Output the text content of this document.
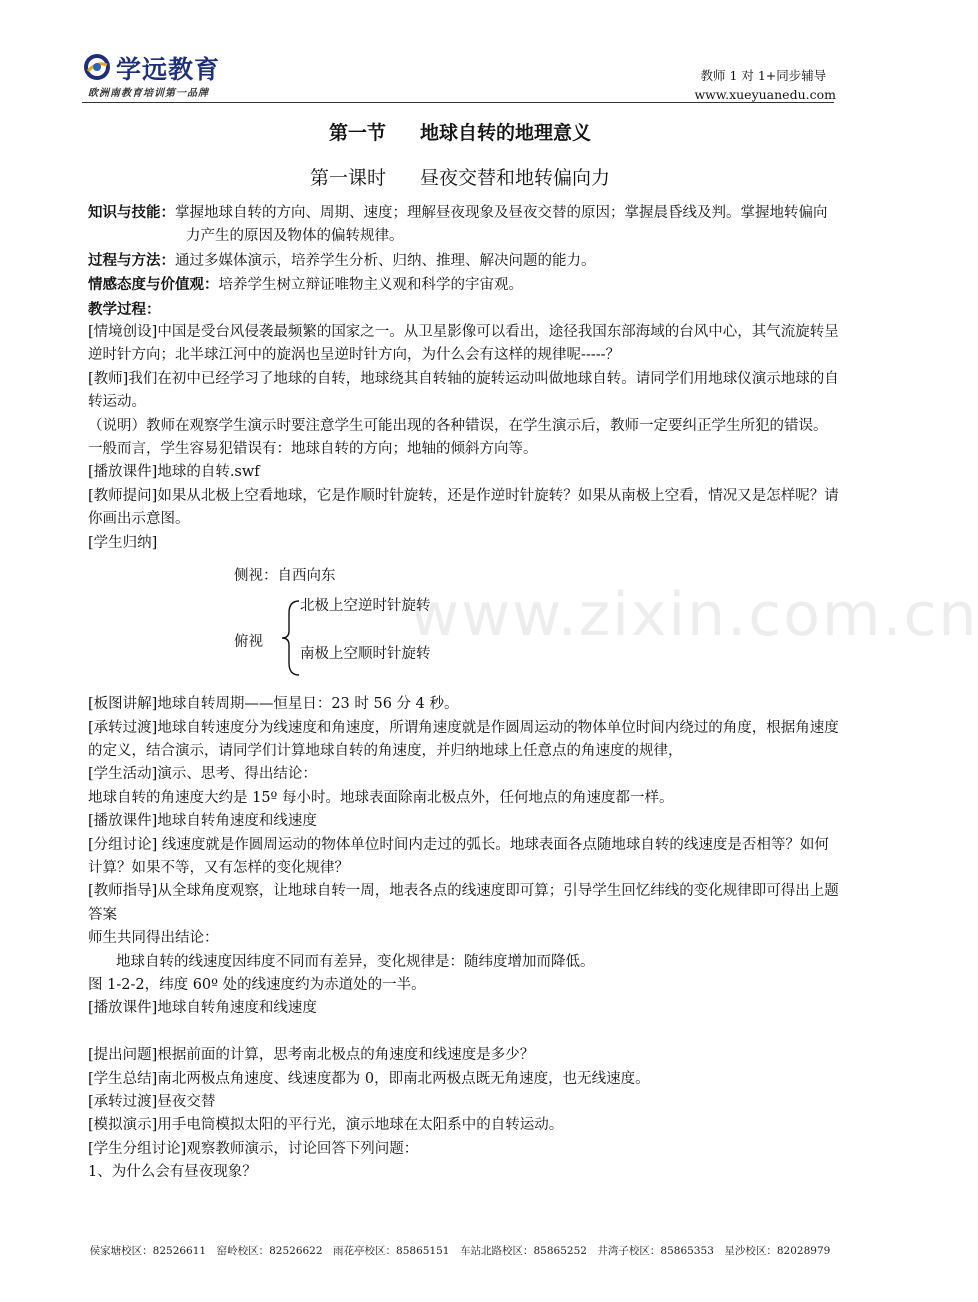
学远教育
欧洲南教育培训第一品牌
教师 1 对 1+同步辅导
www.xueyuanedu.com
第一节 地球自转的地理意义
第一课时 昼夜交替和地转偏向力
www.zixin.com.cn

知识与技能：掌握地球自转的方向、周期、速度；理解昼夜现象及昼夜交替的原因；掌握晨昏线及判。掌握地转偏向力产生的原因及物体的偏转规律。

过程与方法：通过多媒体演示，培养学生分析、归纳、推理、解决问题的能力。

情感态度与价值观：培养学生树立辩证唯物主义观和科学的宇宙观。

教学过程：

[情境创设]中国是受台风侵袭最频繁的国家之一。从卫星影像可以看出，途径我国东部海域的台风中心，其气流旋转呈逆时针方向；北半球江河中的旋涡也呈逆时针方向，为什么会有这样的规律呢-----？

[教师]我们在初中已经学习了地球的自转，地球绕其自转轴的旋转运动叫做地球自转。请同学们用地球仪演示地球的自转运动。

（说明）教师在观察学生演示时要注意学生可能出现的各种错误，在学生演示后，教师一定要纠正学生所犯的错误。一般而言，学生容易犯错误有：地球自转的方向；地轴的倾斜方向等。

[播放课件]地球的自转.swf

[教师提问]如果从北极上空看地球，它是作顺时针旋转，还是作逆时针旋转？如果从南极上空看，情况又是怎样呢？请你画出示意图。

[学生归纳]

侧视：自西向东
俯视
北极上空逆时针旋转
南极上空顺时针旋转

[板图讲解]地球自转周期——恒星日：23 时 56 分 4 秒。

[承转过渡]地球自转速度分为线速度和角速度，所谓角速度就是作圆周运动的物体单位时间内绕过的角度，根据角速度的定义，结合演示，请同学们计算地球自转的角速度，并归纳地球上任意点的角速度的规律，

[学生活动]演示、思考、得出结论：

地球自转的角速度大约是 15º 每小时。地球表面除南北极点外，任何地点的角速度都一样。

[播放课件]地球自转角速度和线速度

[分组讨论] 线速度就是作圆周运动的物体单位时间内走过的弧长。地球表面各点随地球自转的线速度是否相等？如何计算？如果不等，又有怎样的变化规律？

[教师指导]从全球角度观察，让地球自转一周，地表各点的线速度即可算；引导学生回忆纬线的变化规律即可得出上题答案

师生共同得出结论：

地球自转的线速度因纬度不同而有差异，变化规律是：随纬度增加而降低。

图 1-2-2，纬度 60º 处的线速度约为赤道处的一半。

[播放课件]地球自转角速度和线速度

[提出问题]根据前面的计算，思考南北极点的角速度和线速度是多少？

[学生总结]南北两极点角速度、线速度都为 0，即南北两极点既无角速度，也无线速度。

[承转过渡]昼夜交替

[模拟演示]用手电筒模拟太阳的平行光，演示地球在太阳系中的自转运动。

[学生分组讨论]观察教师演示，讨论回答下列问题：

1、为什么会有昼夜现象？

侯家塘校区：82526611　窑岭校区：82526622　雨花亭校区：85865151　车站北路校区：85865252　井湾子校区：85865353　星沙校区：82028979
